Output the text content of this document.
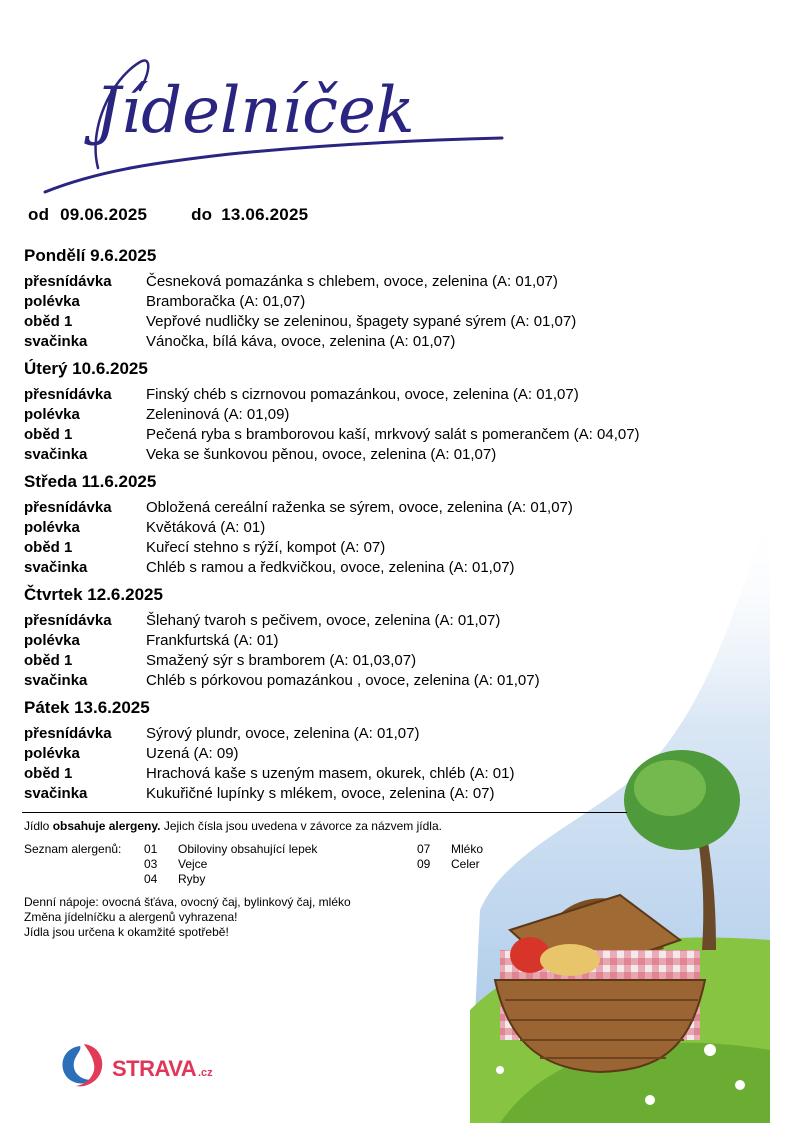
Jídelníček
od 09.06.2025	do 13.06.2025
Pondělí 9.6.2025
přesnídávka	Česneková pomazánka s chlebem, ovoce, zelenina (A: 01,07)
polévka	Bramboračka (A: 01,07)
oběd 1	Vepřové nudličky se zeleninou, špagety sypané sýrem (A: 01,07)
svačinka	Vánočka, bílá káva, ovoce, zelenina (A: 01,07)
Úterý 10.6.2025
přesnídávka	Finský chéb s cizrnovou pomazánkou, ovoce, zelenina (A: 01,07)
polévka	Zeleninová (A: 01,09)
oběd 1	Pečená ryba s bramborovou kaší, mrkvový salát s pomerančem (A: 04,07)
svačinka	Veka se šunkovou pěnou, ovoce, zelenina (A: 01,07)
Středa 11.6.2025
přesnídávka	Obložená cereální raženka se sýrem, ovoce, zelenina (A: 01,07)
polévka	Květáková (A: 01)
oběd 1	Kuřecí stehno s rýží, kompot (A: 07)
svačinka	Chléb s ramou a ředkvičkou, ovoce, zelenina (A: 01,07)
Čtvrtek 12.6.2025
přesnídávka	Šlehaný tvaroh s pečivem, ovoce, zelenina (A: 01,07)
polévka	Frankfurtská (A: 01)
oběd 1	Smažený sýr s bramborem (A: 01,03,07)
svačinka	Chléb s pórkovou pomazánkou , ovoce, zelenina (A: 01,07)
Pátek 13.6.2025
přesnídávka	Sýrový plundr, ovoce, zelenina (A: 01,07)
polévka	Uzená (A: 09)
oběd 1	Hrachová kaše s uzeným masem, okurek, chléb (A: 01)
svačinka	Kukuřičné lupínky s mlékem, ovoce, zelenina (A: 07)
Jídlo obsahuje alergeny. Jejich čísla jsou uvedena v závorce za názvem jídla.
Seznam alergenů: 01	Obiloviny obsahující lepek
03	Vejce
04	Ryby
07	Mléko
09	Celer
Denní nápoje: ovocná šťáva, ovocný čaj, bylinkový čaj, mléko
Změna jídelníčku a alergenů vyhrazena!
Jídla jsou určena k okamžité spotřebě!
STRAVA .cz
